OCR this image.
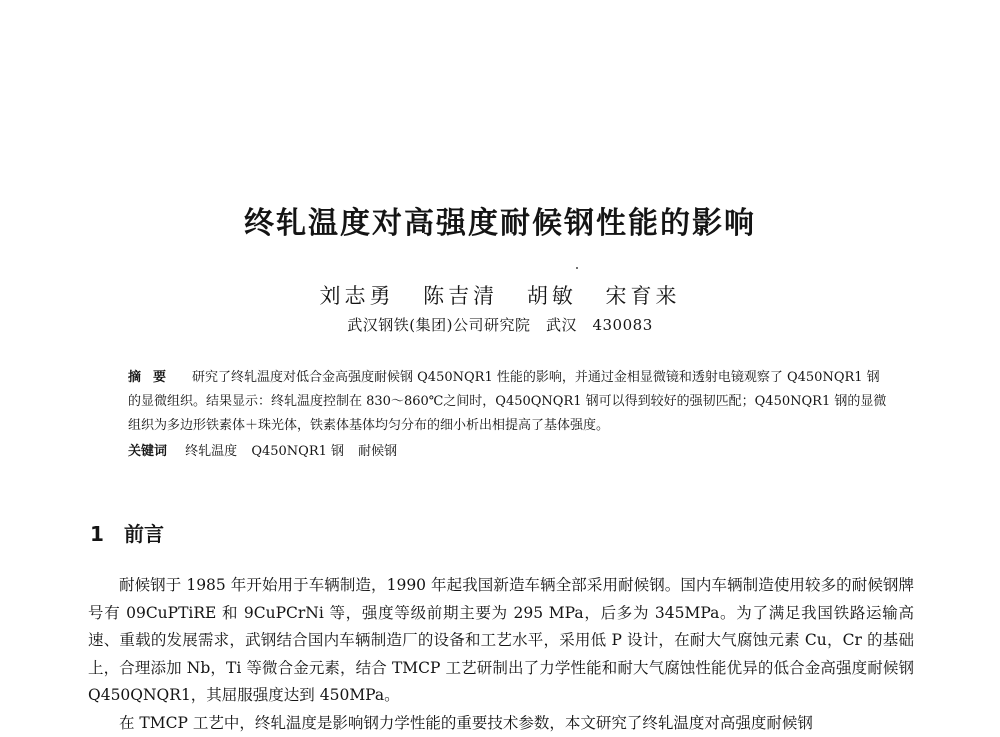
终轧温度对高强度耐候钢性能的影响
刘志勇 陈吉清 胡敏 宋育来
武汉钢铁(集团)公司研究院　武汉　430083
摘要 研究了终轧温度对低合金高强度耐候钢 Q450NQR1 性能的影响，并通过金相显微镜和透射电镜观察了 Q450NQR1 钢的显微组织。结果显示：终轧温度控制在 830～860℃之间时，Q450QNQR1 钢可以得到较好的强韧匹配；Q450NQR1 钢的显微组织为多边形铁素体＋珠光体，铁素体基体均匀分布的细小析出相提高了基体强度。
关键词 终轧温度 Q450NQR1 钢 耐候钢
1 前言

耐候钢于 1985 年开始用于车辆制造，1990 年起我国新造车辆全部采用耐候钢。国内车辆制造使用较多的耐候钢牌号有 09CuPTiRE 和 9CuPCrNi 等，强度等级前期主要为 295 MPa，后多为 345MPa。为了满足我国铁路运输高速、重载的发展需求，武钢结合国内车辆制造厂的设备和工艺水平，采用低 P 设计，在耐大气腐蚀元素 Cu，Cr 的基础上，合理添加 Nb，Ti 等微合金元素，结合 TMCP 工艺研制出了力学性能和耐大气腐蚀性能优异的低合金高强度耐候钢 Q450QNQR1，其屈服强度达到 450MPa。

在 TMCP 工艺中，终轧温度是影响钢力学性能的重要技术参数，本文研究了终轧温度对高强度耐候钢
